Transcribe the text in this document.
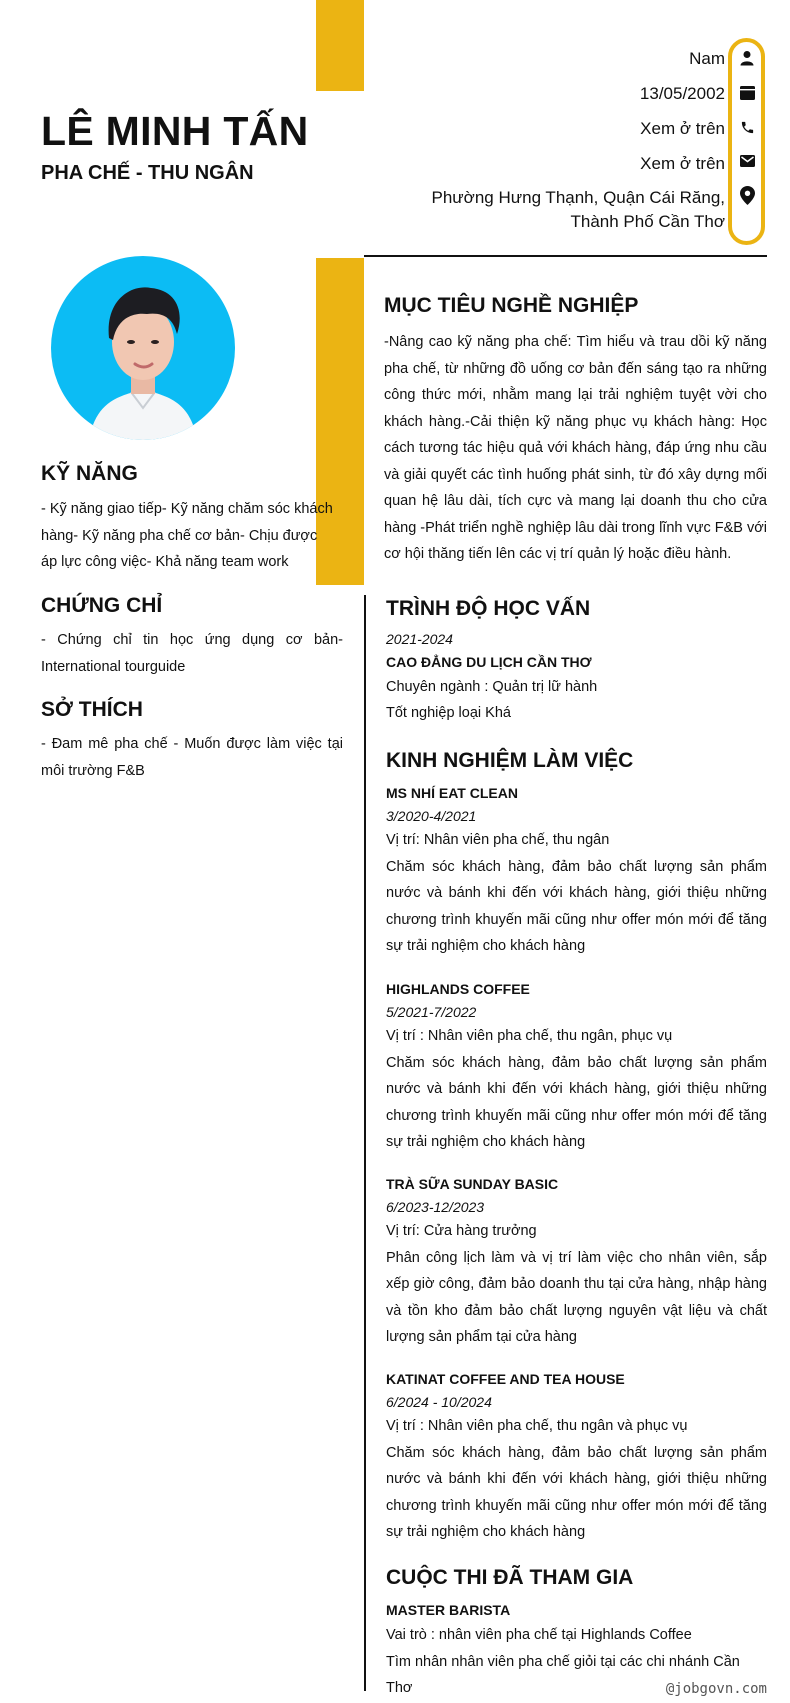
LÊ MINH TẤN
PHA CHẾ - THU NGÂN
Nam
13/05/2002
Xem ở trên
Xem ở trên
Phường Hưng Thạnh, Quận Cái Răng, Thành Phố Cần Thơ
MỤC TIÊU NGHỀ NGHIỆP
-Nâng cao kỹ năng pha chế: Tìm hiểu và trau dồi kỹ năng pha chế, từ những đồ uống cơ bản đến sáng tạo ra những công thức mới, nhằm mang lại trải nghiệm tuyệt vời cho khách hàng.-Cải thiện kỹ năng phục vụ khách hàng: Học cách tương tác hiệu quả với khách hàng, đáp ứng nhu cầu và giải quyết các tình huống phát sinh, từ đó xây dựng mối quan hệ lâu dài, tích cực và mang lại doanh thu cho cửa hàng -Phát triển nghề nghiệp lâu dài trong lĩnh vực F&B với cơ hội thăng tiến lên các vị trí quản lý hoặc điều hành.
KỸ NĂNG
- Kỹ năng giao tiếp- Kỹ năng chăm sóc khách hàng- Kỹ năng pha chế cơ bản- Chịu được áp lực công việc- Khả năng team work
CHỨNG CHỈ
- Chứng chỉ tin học ứng dụng cơ bản- International tourguide
SỞ THÍCH
- Đam mê pha chế - Muốn được làm việc tại môi trường F&B
TRÌNH ĐỘ HỌC VẤN
2021-2024
CAO ĐẲNG DU LỊCH CẦN THƠ
Chuyên ngành : Quản trị lữ hành
Tốt nghiệp loại Khá
KINH NGHIỆM LÀM VIỆC
MS NHÍ EAT CLEAN
3/2020-4/2021
Vị trí: Nhân viên pha chế, thu ngân
Chăm sóc khách hàng, đảm bảo chất lượng sản phẩm nước và bánh khi đến với khách hàng, giới thiệu những chương trình khuyến mãi cũng như offer món mới để tăng sự trải nghiệm cho khách hàng
HIGHLANDS COFFEE
5/2021-7/2022
Vị trí : Nhân viên pha chế, thu ngân, phục vụ
Chăm sóc khách hàng, đảm bảo chất lượng sản phẩm nước và bánh khi đến với khách hàng, giới thiệu những chương trình khuyến mãi cũng như offer món mới để tăng sự trải nghiệm cho khách hàng
TRÀ SỮA SUNDAY BASIC
6/2023-12/2023
Vị trí: Cửa hàng trưởng
Phân công lịch làm và vị trí làm việc cho nhân viên, sắp xếp giờ công, đảm bảo doanh thu tại cửa hàng, nhập hàng và tồn kho đảm bảo chất lượng nguyên vật liệu và chất lượng sản phẩm tại cửa hàng
KATINAT COFFEE AND TEA HOUSE
6/2024 - 10/2024
Vị trí : Nhân viên pha chế, thu ngân và phục vụ
Chăm sóc khách hàng, đảm bảo chất lượng sản phẩm nước và bánh khi đến với khách hàng, giới thiệu những chương trình khuyến mãi cũng như offer món mới để tăng sự trải nghiệm cho khách hàng
CUỘC THI ĐÃ THAM GIA
MASTER BARISTA
Vai trò : nhân viên pha chế tại Highlands Coffee
Tìm nhân nhân viên pha chế giỏi tại các chi nhánh Cần Thơ	@jobgovn.com
